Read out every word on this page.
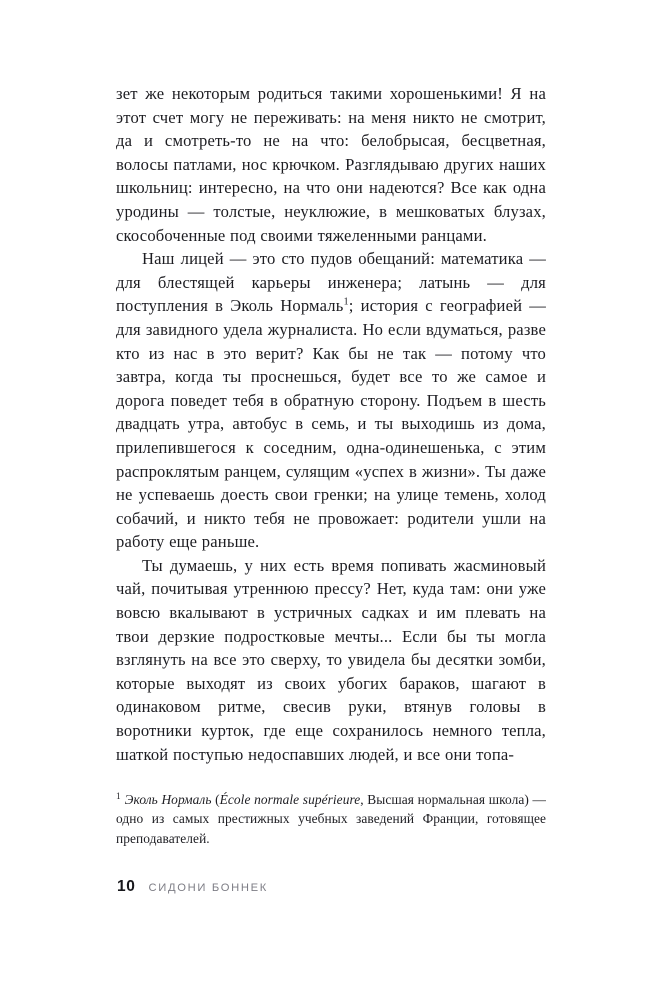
зет же некоторым родиться такими хорошенькими! Я на этот счет могу не переживать: на меня никто не смотрит, да и смотреть-то не на что: белобрысая, бесцветная, волосы патлами, нос крючком. Разглядываю других наших школьниц: интересно, на что они надеются? Все как одна уродины — толстые, неуклюжие, в мешковатых блузах, скособоченные под своими тяжеленными ранцами.

Наш лицей — это сто пудов обещаний: математика — для блестящей карьеры инженера; латынь — для поступления в Эколь Нормаль$^1$; история с географией — для завидного удела журналиста. Но если вдуматься, разве кто из нас в это верит? Как бы не так — потому что завтра, когда ты проснешься, будет все то же самое и дорога поведет тебя в обратную сторону. Подъем в шесть двадцать утра, автобус в семь, и ты выходишь из дома, прилепившегося к соседним, одна-одинешенька, с этим распроклятым ранцем, сулящим «успех в жизни». Ты даже не успеваешь доесть свои гренки; на улице темень, холод собачий, и никто тебя не провожает: родители ушли на работу еще раньше.

Ты думаешь, у них есть время попивать жасминовый чай, почитывая утреннюю прессу? Нет, куда там: они уже вовсю вкалывают в устричных садках и им плевать на твои дерзкие подростковые мечты... Если бы ты могла взглянуть на все это сверху, то увидела бы десятки зомби, которые выходят из своих убогих бараков, шагают в одинаковом ритме, свесив руки, втянув головы в воротники курток, где еще сохранилось немного тепла, шаткой поступью недоспавших людей, и все они топа-

$^1$ Эколь Нормаль (École normale supérieure, Высшая нормальная школа) — одно из самых престижных учебных заведений Франции, готовящее преподавателей.

10 СИДОНИ БОННЕК
